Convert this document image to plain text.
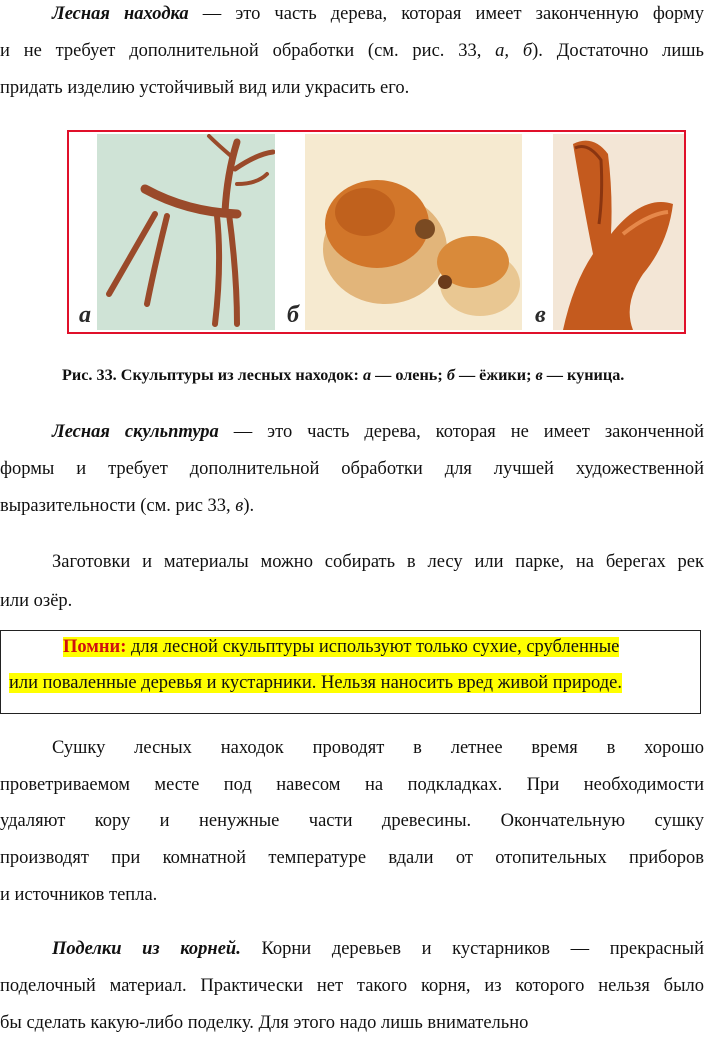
Лесная находка — это часть дерева, которая имеет законченную форму

и не требует дополнительной обработки (см. рис. 33, а, б). Достаточно лишь

придать изделию устойчивый вид или украсить его.

а	б	в
Рис. 33. Скульптуры из лесных находок: а — олень; б — ёжики; в — куница.

Лесная скульптура — это часть дерева, которая не имеет законченной

формы и требует дополнительной обработки для лучшей художественной

выразительности (см. рис 33, в).

Заготовки и материалы можно собирать в лесу или парке, на берегах рек

или озёр.

Помни: для лесной скульптуры используют только сухие, срубленные
или поваленные деревья и кустарники. Нельзя наносить вред живой природе.

Сушку лесных находок проводят в летнее время в хорошо

проветриваемом месте под навесом на подкладках. При необходимости

удаляют кору и ненужные части древесины. Окончательную сушку

производят при комнатной температуре вдали от отопительных приборов

и источников тепла.

Поделки из корней. Корни деревьев и кустарников — прекрасный

поделочный материал. Практически нет такого корня, из которого нельзя было

бы сделать какую-либо поделку. Для этого надо лишь внимательно
